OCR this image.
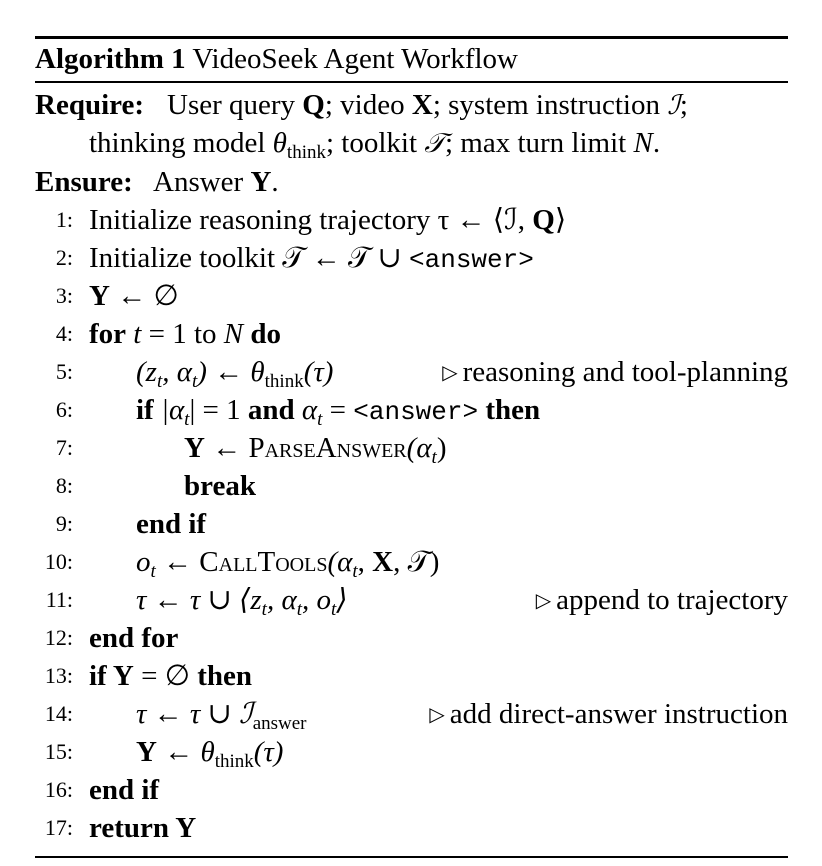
Algorithm 1 VideoSeek Agent Workflow
Require: User query Q; video X; system instruction ℐ;
thinking model $\theta_{think}$; toolkit 𝒯; max turn limit N.
Ensure: Answer Y.
1: Initialize reasoning trajectory τ ← ⟨ℐ, Q⟩
2: Initialize toolkit 𝒯 ← 𝒯 ∪ <answer>
3: Y ← ∅
4: for t = 1 to N do
5: ($z_t$, $\alpha_t$) ← $\theta_{think}(\tau)$	▷ reasoning and tool-planning
6: if $|\alpha_t| = 1$ and $\alpha_t$ = <answer> then
7:	Y ← $ParseAnswer(\alpha_t)$
8:	break
9: end if
10: $o_t$ ← $CallTools(\alpha_t$, X, 𝒯)
11: τ ← τ ∪ $⟨z_t$, $\alpha_t$, $o_t⟩$	▷ append to trajectory
12: end for
13: if Y = ∅ then
14: τ ← τ ∪ ℐ$_{answer}$	▷ add direct-answer instruction
15: Y ← $\theta_{think}(\tau)$
16: end if
17: return Y
